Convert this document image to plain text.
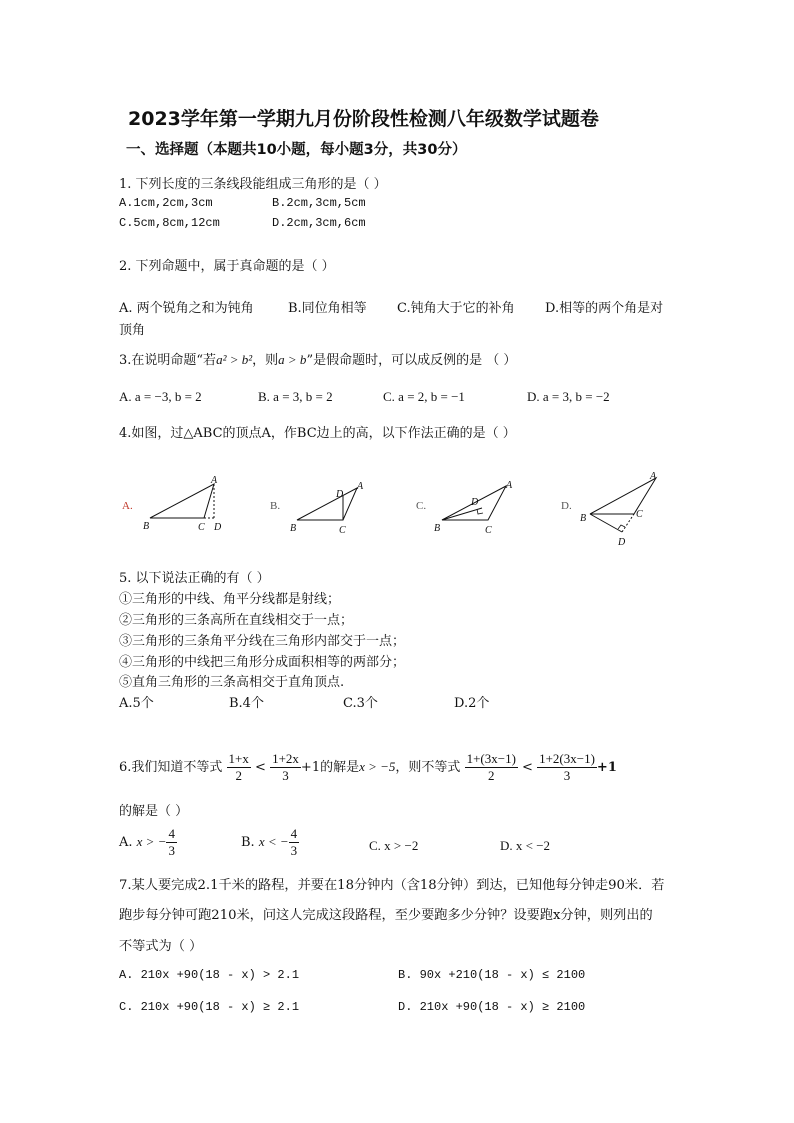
2023学年第一学期九月份阶段性检测八年级数学试题卷
一、选择题（本题共10小题，每小题3分，共30分）
1. 下列长度的三条线段能组成三角形的是（ ）
A.1cm,2cm,3cm	B.2cm,3cm,5cm
C.5cm,8cm,12cm	D.2cm,3cm,6cm
2. 下列命题中，属于真命题的是（ ）
A. 两个锐角之和为钝角	B.同位角相等 C.钝角大于它的补角 D.相等的两个角是对
顶角
3.在说明命题“若a² > b²，则a > b”是假命题时，可以成反例的是 （ ）
A. a = −3, b = 2	B. a = 3, b = 2	C. a = 2, b = −1	D. a = 3, b = −2
4.如图，过△ABC的顶点A，作BC边上的高，以下作法正确的是（ ）
A.
A
B	C D
B.
A
B	C
D
C.
A
B	C
D	D.
A
B	C
D
5. 以下说法正确的有（ ）
①三角形的中线、角平分线都是射线；
②三角形的三条高所在直线相交于一点；
③三角形的三条角平分线在三角形内部交于一点；
④三角形的中线把三角形分成面积相等的两部分；
⑤直角三角形的三条高相交于直角顶点.
A.5个	B.4个	C.3个	D.2个
6.我们知道不等式 $\frac{1+x}{2} < \frac{1+2x}{3} +1$的解是x > −5，则不等式 $\frac{1+(3x-1)}{2} < \frac{1+2(3x-1)}{3} +1$
的解是（ ）
A. x > − $\frac{4}{3}$	B. x < − $\frac{4}{3}$	C. x > −2	D. x < −2
7.某人要完成2.1千米的路程，并要在18分钟内（含18分钟）到达，已知他每分钟走90米．若
跑步每分钟可跑210米，问这人完成这段路程，至少要跑多少分钟？设要跑x分钟，则列出的
不等式为（ ）
A. 210x +90(18 - x) > 2.1	B. 90x +210(18 - x) ≤ 2100
C. 210x +90(18 - x) ≥ 2.1	D. 210x +90(18 - x) ≥ 2100
